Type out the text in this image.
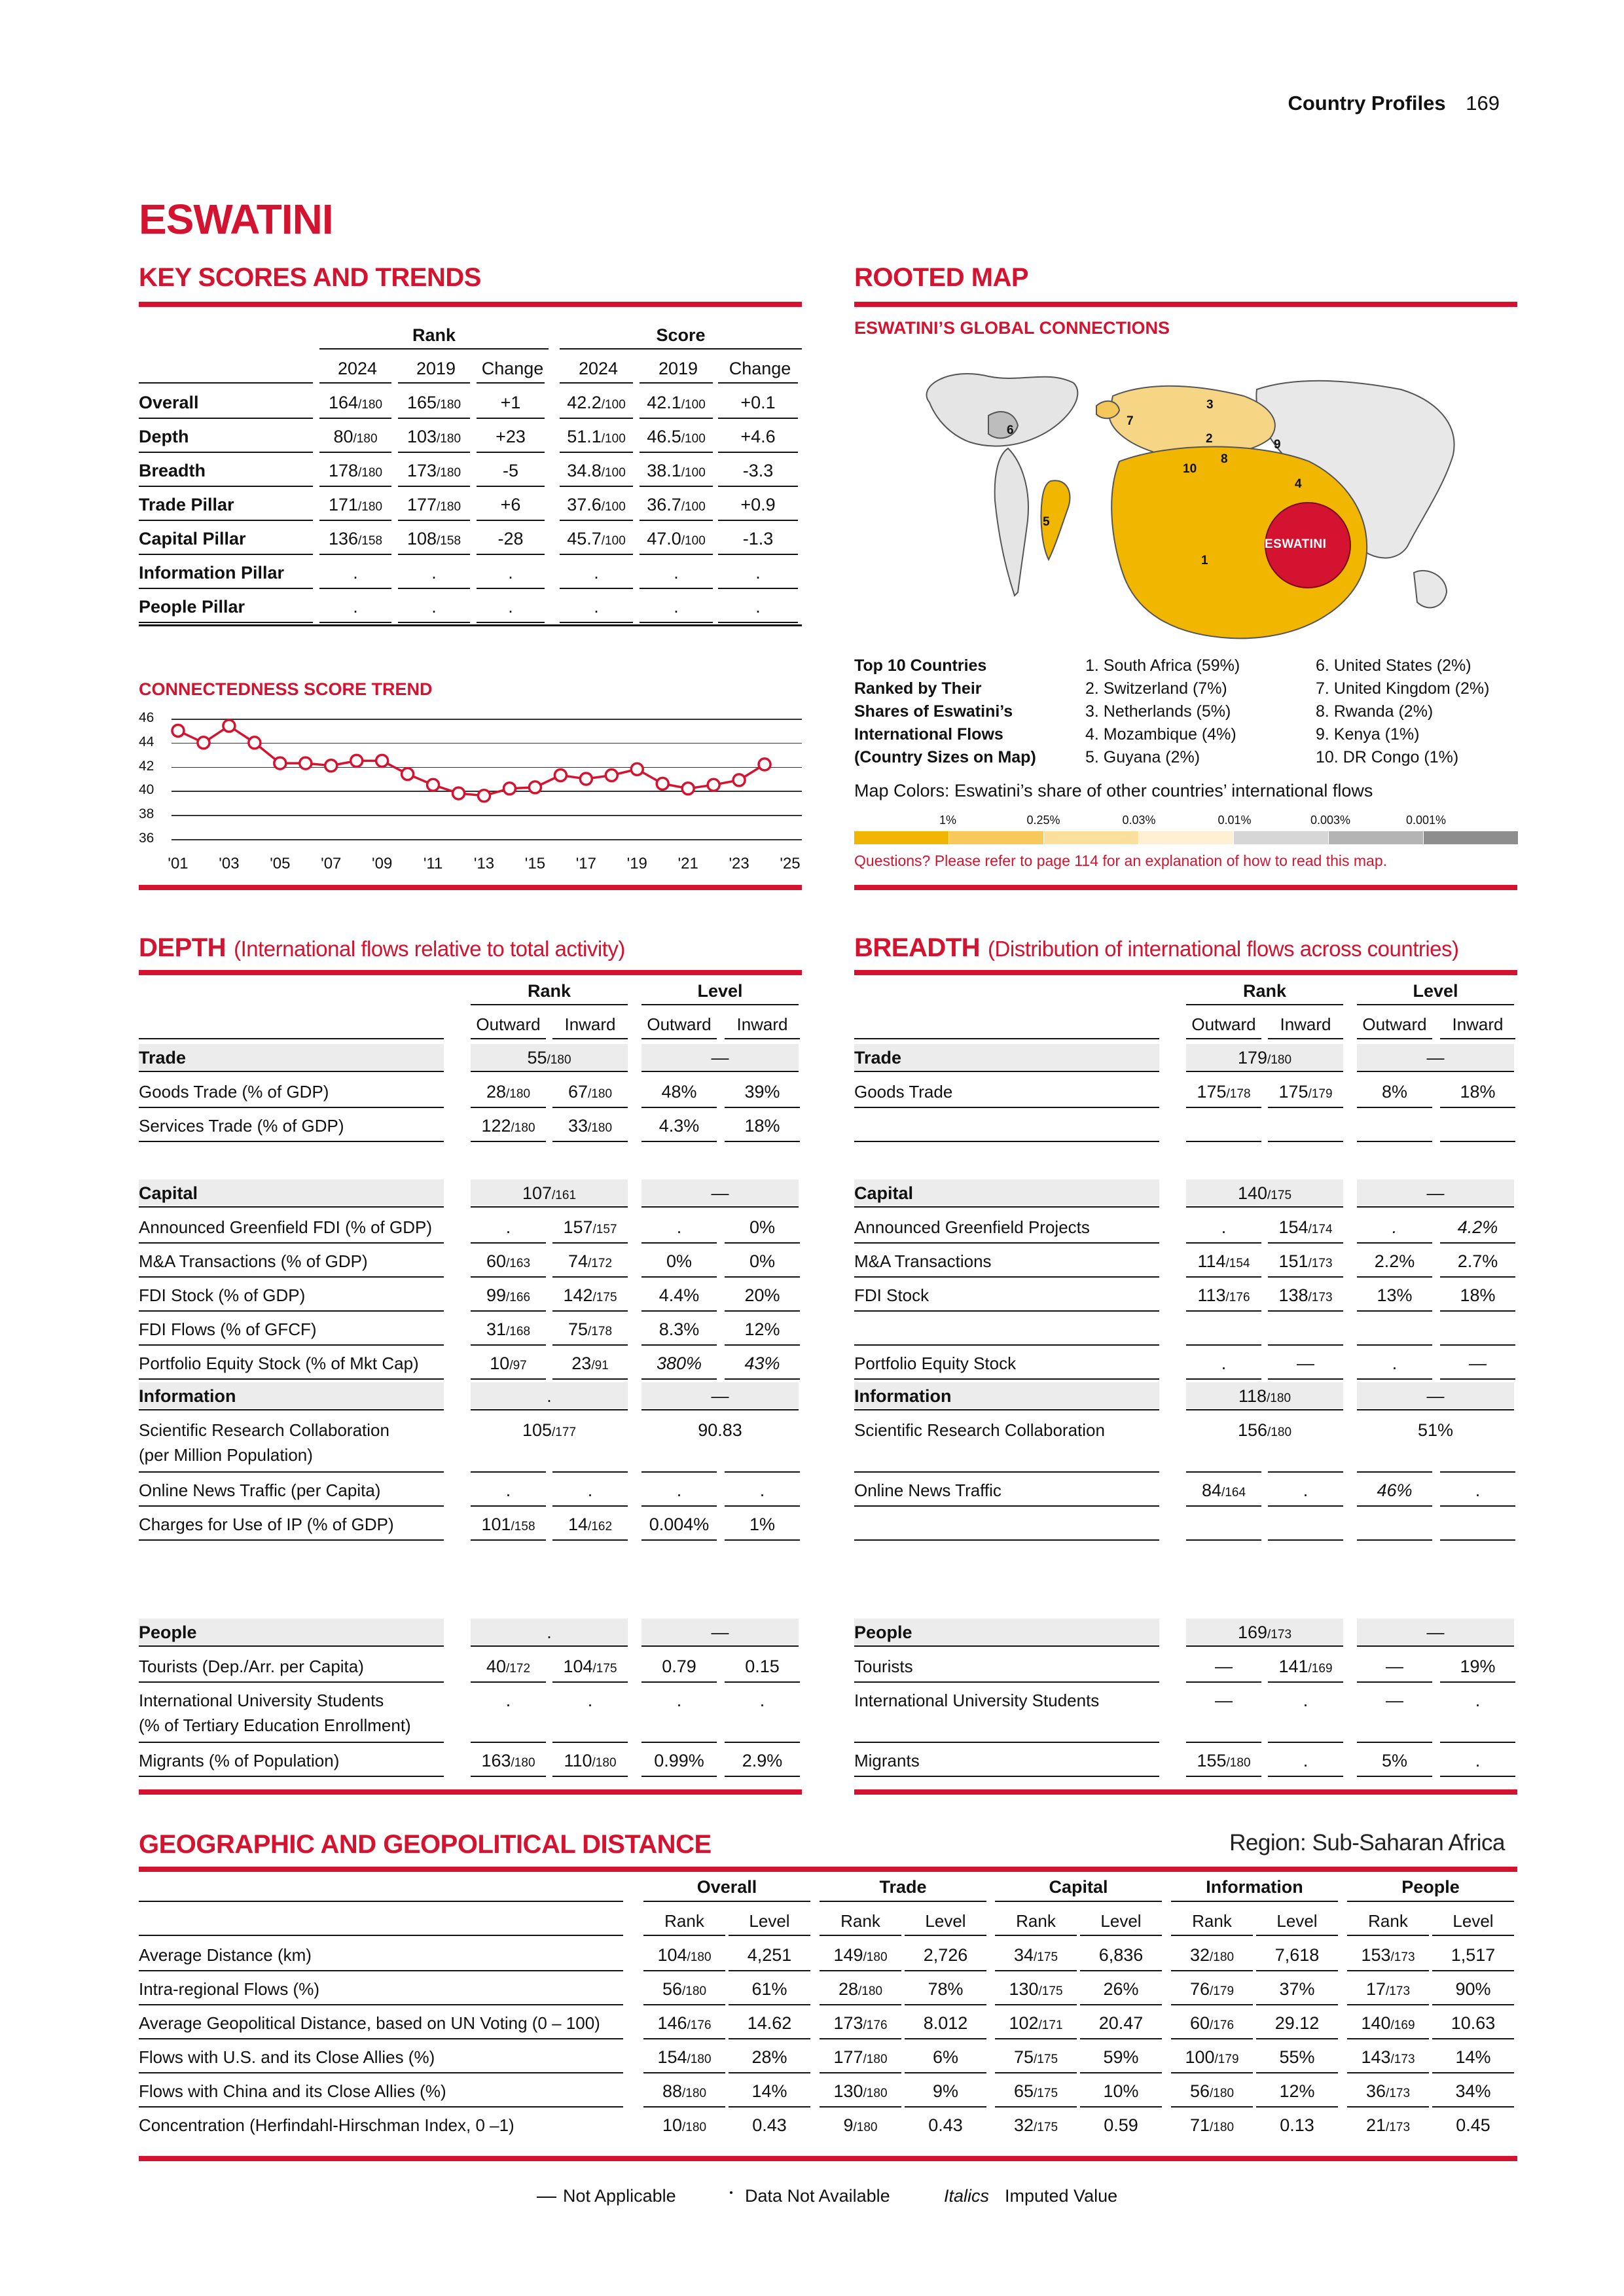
Country Profiles 169
ESWATINI
KEY SCORES AND TRENDS	ROOTED MAP
Rank	Score
2024	2019	Change	2024	2019	Change
Overall	164/180	165/180	+1	42.2/100	42.1/100	+0.1
Depth	80/180	103/180	+23	51.1/100	46.5/100	+4.6
Breadth	178/180	173/180	-5	34.8/100	38.1/100	-3.3
Trade Pillar	171/180	177/180	+6	37.6/100	36.7/100	+0.9
Capital Pillar	136/158	108/158	-28	45.7/100	47.0/100	-1.3
Information Pillar	.	.	.	.	.	.
People Pillar	.	.	.	.	.	.
CONNECTEDNESS SCORE TREND
46
44
42
40
38
36
'01	'03	'05	'07	'09	'11	'13	'15	'17	'19	'21	'23	'25
ESWATINI’S GLOBAL CONNECTIONS
ESWATINI
1
2
3
4
5
6
7
8
9
10
Top 10 Countries
Ranked by Their
Shares of Eswatini’s
International Flows
(Country Sizes on Map)
1. South Africa (59%)
2. Switzerland (7%)
3. Netherlands (5%)
4. Mozambique (4%)
5. Guyana (2%)
6. United States (2%)
7. United Kingdom (2%)
8. Rwanda (2%)
9. Kenya (1%)
10. DR Congo (1%)
Map Colors: Eswatini’s share of other countries’ international flows
1%	0.25%	0.03%	0.01%	0.003%	0.001%
Questions? Please refer to page 114 for an explanation of how to read this map.
DEPTH (International flows relative to total activity)
Rank	Level
Outward	Inward	Outward	Inward
Trade	55/180	—
Goods Trade (% of GDP)	28/180	67/180	48%	39%
Services Trade (% of GDP)	122/180	33/180	4.3%	18%
Capital	107/161	—
Announced Greenfield FDI (% of GDP)	.	157/157	.	0%
M&A Transactions (% of GDP)	60/163	74/172	0%	0%
FDI Stock (% of GDP)	99/166	142/175	4.4%	20%
FDI Flows (% of GFCF)	31/168	75/178	8.3%	12%
Portfolio Equity Stock (% of Mkt Cap)	10/97	23/91	380%	43%
Information	.	—
Scientific Research Collaboration
(per Million Population)
105/177	90.83
Online News Traffic (per Capita)	.	.	.	.
Charges for Use of IP (% of GDP)	101/158	14/162	0.004%	1%
People	.	—
Tourists (Dep./Arr. per Capita)	40/172	104/175	0.79	0.15
International University Students
(% of Tertiary Education Enrollment)
.	.	.	.
Migrants (% of Population)	163/180	110/180	0.99%	2.9%
BREADTH (Distribution of international flows across countries)
Rank	Level
Outward	Inward	Outward	Inward
Trade	179/180	—
Goods Trade	175/178	175/179	8%	18%
Capital	140/175	—
Announced Greenfield Projects	.	154/174	.	4.2%
M&A Transactions	114/154	151/173	2.2%	2.7%
FDI Stock	113/176	138/173	13%	18%
Portfolio Equity Stock	.	—	.	—
Information	118/180	—
Scientific Research Collaboration	156/180	51%
Online News Traffic	84/164	.	46%	.
People	169/173	—
Tourists	—	141/169	—	19%
International University Students	—	.	—	.
Migrants	155/180	.	5%	.
GEOGRAPHIC AND GEOPOLITICAL DISTANCE	Region: Sub-Saharan Africa
Overall
Rank	Level
Trade
Rank	Level
Capital
Rank	Level
Information
Rank	Level
People
Rank	Level
Average Distance (km)	104/180	4,251	149/180	2,726	34/175	6,836	32/180	7,618	153/173	1,517
Intra-regional Flows (%)	56/180	61%	28/180	78%	130/175	26%	76/179	37%	17/173	90%
Average Geopolitical Distance, based on UN Voting (0 – 100)	146/176	14.62	173/176	8.012	102/171	20.47	60/176	29.12	140/169	10.63
Flows with U.S. and its Close Allies (%)	154/180	28%	177/180	6%	75/175	59%	100/179	55%	143/173	14%
Flows with China and its Close Allies (%)	88/180	14%	130/180	9%	65/175	10%	56/180	12%	36/173	34%
Concentration (Herfindahl-Hirschman Index, 0 –1)	10/180	0.43	9/180	0.43	32/175	0.59	71/180	0.13	21/173	0.45
Not Applicable	Data Not Available	Italics Imputed Value
